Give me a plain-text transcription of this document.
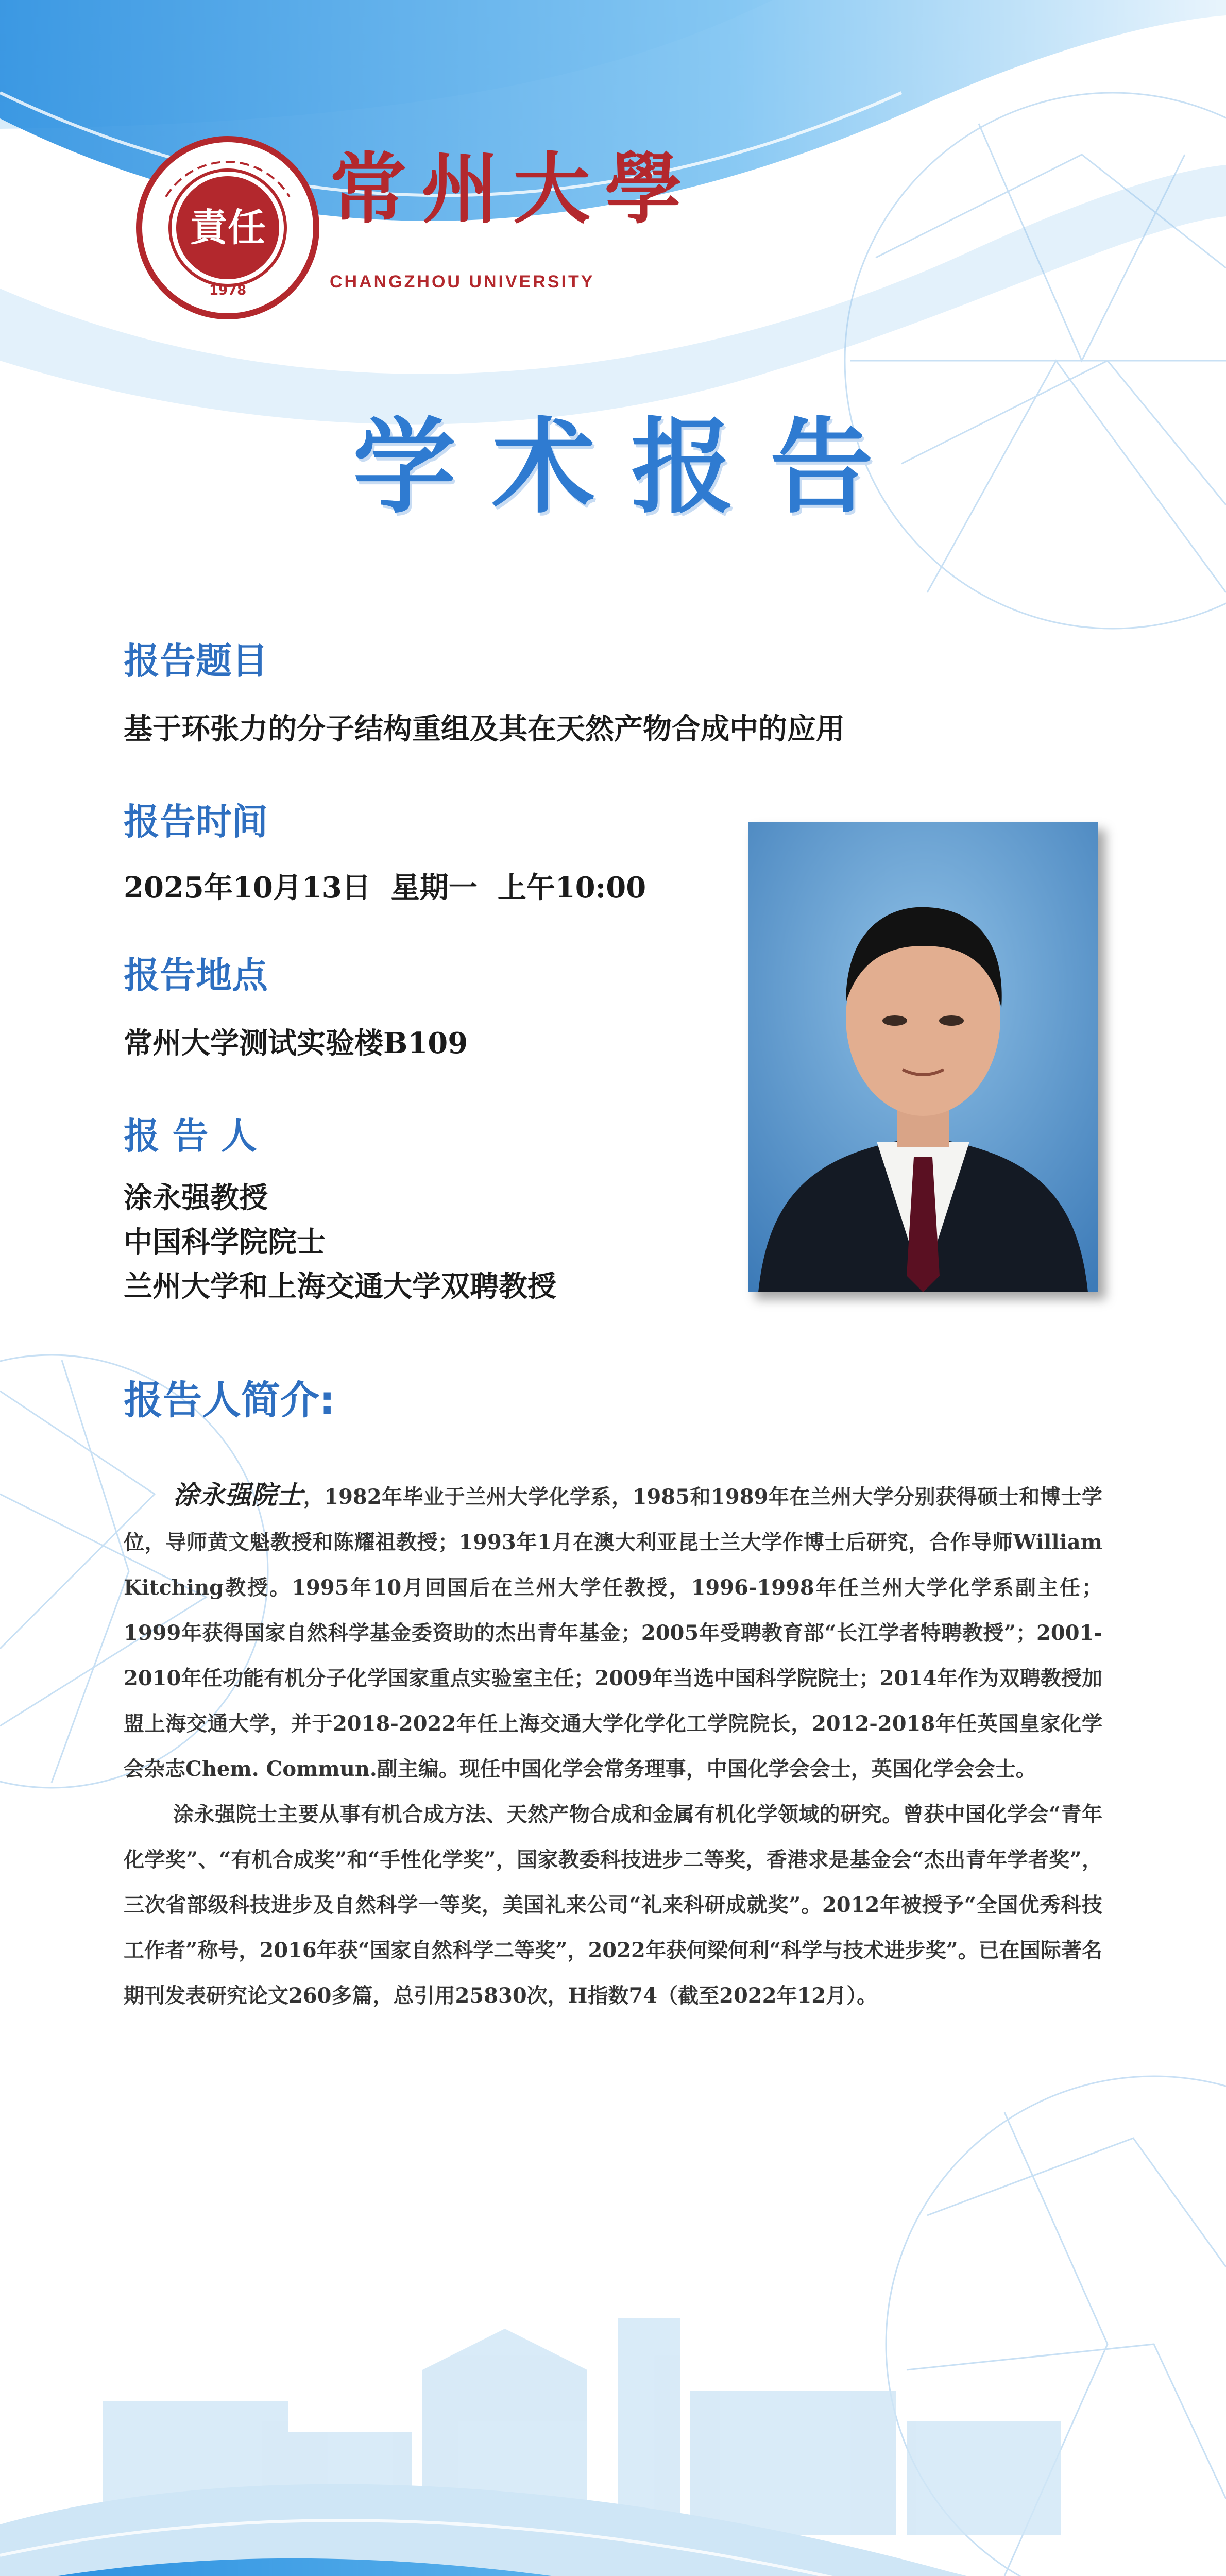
責任
1978
常州大學
CHANGZHOU UNIVERSITY
学术报告
报告题目
基于环张力的分子结构重组及其在天然产物合成中的应用
报告时间
2025年10月13日  星期一  上午10:00
报告地点
常州大学测试实验楼B109
报 告 人
涂永强教授
中国科学院院士
兰州大学和上海交通大学双聘教授
报告人简介:

涂永强院士，1982年毕业于兰州大学化学系，1985和1989年在兰州大学分别获得硕士和博士学位，导师黄文魁教授和陈耀祖教授；1993年1月在澳大利亚昆士兰大学作博士后研究，合作导师William Kitching教授。1995年10月回国后在兰州大学任教授，1996-1998年任兰州大学化学系副主任；1999年获得国家自然科学基金委资助的杰出青年基金；2005年受聘教育部“长江学者特聘教授”；2001-2010年任功能有机分子化学国家重点实验室主任；2009年当选中国科学院院士；2014年作为双聘教授加盟上海交通大学，并于2018-2022年任上海交通大学化学化工学院院长，2012-2018年任英国皇家化学会杂志Chem. Commun.副主编。现任中国化学会常务理事，中国化学会会士，英国化学会会士。

涂永强院士主要从事有机合成方法、天然产物合成和金属有机化学领域的研究。曾获中国化学会“青年化学奖”、“有机合成奖”和“手性化学奖”，国家教委科技进步二等奖，香港求是基金会“杰出青年学者奖”，三次省部级科技进步及自然科学一等奖，美国礼来公司“礼来科研成就奖”。2012年被授予“全国优秀科技工作者”称号，2016年获“国家自然科学二等奖”，2022年获何梁何利“科学与技术进步奖”。已在国际著名期刊发表研究论文260多篇，总引用25830次，H指数74（截至2022年12月）。
